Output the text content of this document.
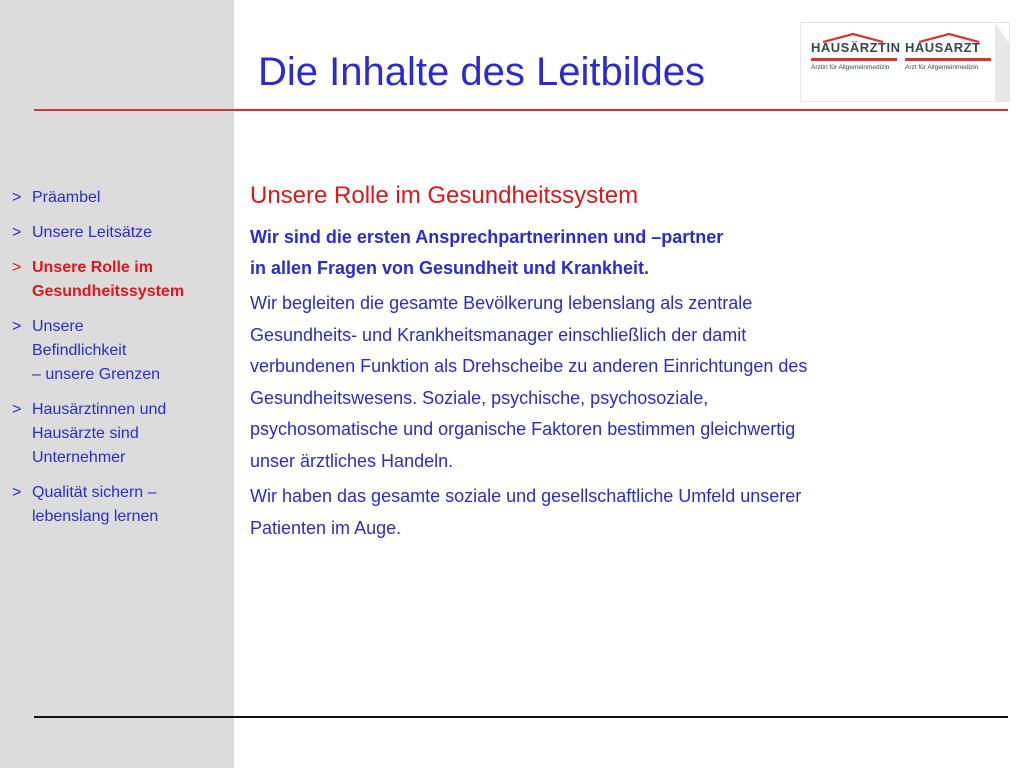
Die Inhalte des Leitbildes
HAUSÄRZTIN
Ärztin für Allgemeinmedizin
HAUSARZT
Arzt für Allgemeinmedizin
> Präambel
> Unsere Leitsätze
> Unsere Rolle im
Gesundheitssystem
> Unsere
Befindlichkeit
– unsere Grenzen
> Hausärztinnen und
Hausärzte sind
Unternehmer
> Qualität sichern –
lebenslang lernen
Unsere Rolle im Gesundheitssystem

Wir sind die ersten Ansprechpartnerinnen und –partner
in allen Fragen von Gesundheit und Krankheit.

Wir begleiten die gesamte Bevölkerung lebenslang als zentrale
Gesundheits- und Krankheitsmanager einschließlich der damit
verbundenen Funktion als Drehscheibe zu anderen Einrichtungen des
Gesundheitswesens. Soziale, psychische, psychosoziale,
psychosomatische und organische Faktoren bestimmen gleichwertig
unser ärztliches Handeln.

Wir haben das gesamte soziale und gesellschaftliche Umfeld unserer
Patienten im Auge.
